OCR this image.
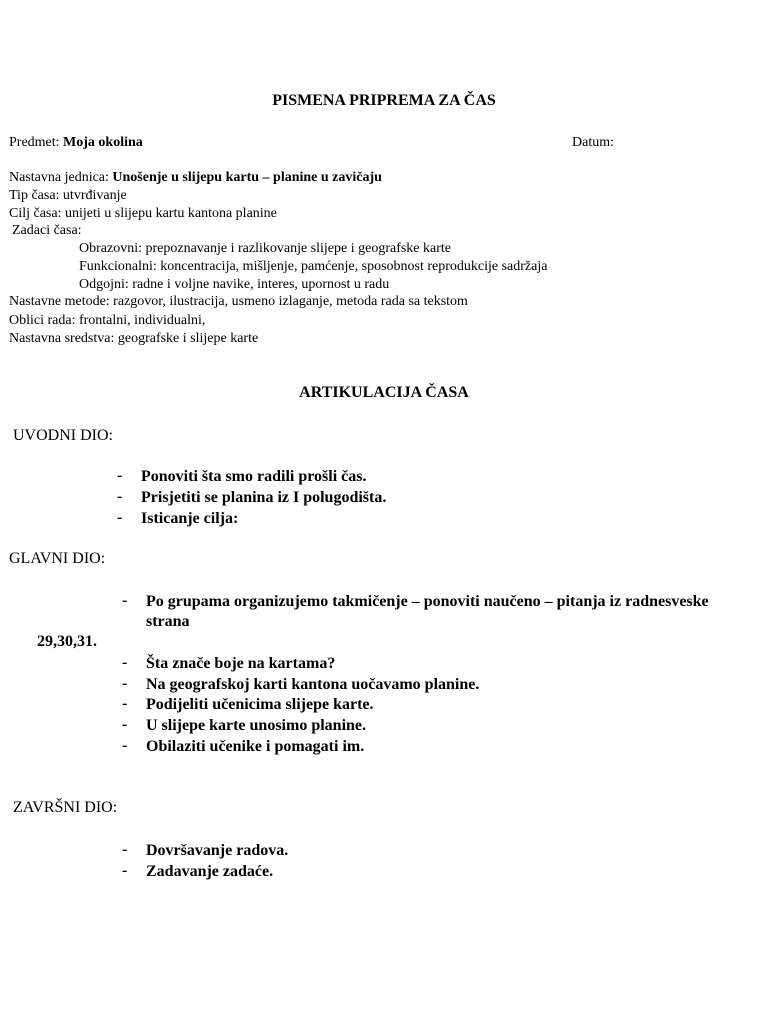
PISMENA PRIPREMA ZA ČAS
Predmet: Moja okolina	Datum:
Nastavna jednica: Unošenje u slijepu kartu – planine u zavičaju
Tip časa: utvrđivanje
Cilj časa: unijeti u slijepu kartu kantona planine
Zadaci časa:
Obrazovni: prepoznavanje i razlikovanje slijepe i geografske karte
Funkcionalni: koncentracija, mišljenje, pamćenje, sposobnost reprodukcije sadržaja
Odgojni: radne i voljne navike, interes, upornost u radu
Nastavne metode: razgovor, ilustracija, usmeno izlaganje, metoda rada sa tekstom
Oblici rada: frontalni, individualni,
Nastavna sredstva: geografske i slijepe karte
ARTIKULACIJA ČASA
UVODNI DIO:
- Ponoviti šta smo radili prošli čas.
- Prisjetiti se planina iz I polugodišta.
- Isticanje cilja:
GLAVNI DIO:
- Po grupama organizujemo takmičenje – ponoviti naučeno – pitanja iz radnesveske
strana
29,30,31.
- Šta znače boje na kartama?
- Na geografskoj karti kantona uočavamo planine.
- Podijeliti učenicima slijepe karte.
- U slijepe karte unosimo planine.
- Obilaziti učenike i pomagati im.
ZAVRŠNI DIO:
- Dovršavanje radova.
- Zadavanje zadaće.
